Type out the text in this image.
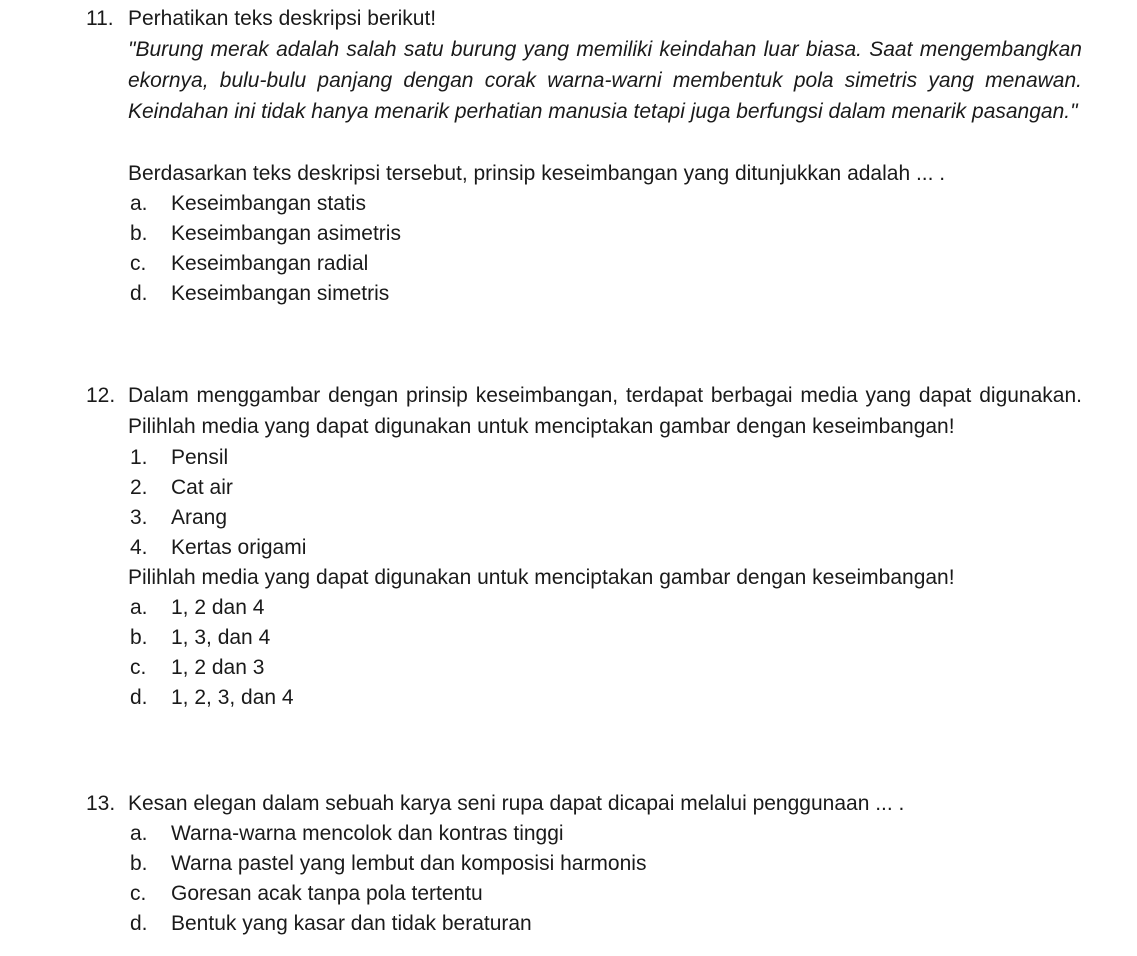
11. Perhatikan teks deskripsi berikut!
"Burung merak adalah salah satu burung yang memiliki keindahan luar biasa. Saat mengembangkan ekornya, bulu-bulu panjang dengan corak warna-warni membentuk pola simetris yang menawan. Keindahan ini tidak hanya menarik perhatian manusia tetapi juga berfungsi dalam menarik pasangan."
Berdasarkan teks deskripsi tersebut, prinsip keseimbangan yang ditunjukkan adalah ... .
a. Keseimbangan statis
b. Keseimbangan asimetris
c. Keseimbangan radial
d. Keseimbangan simetris
12. Dalam menggambar dengan prinsip keseimbangan, terdapat berbagai media yang dapat digunakan. Pilihlah media yang dapat digunakan untuk menciptakan gambar dengan keseimbangan!
1. Pensil
2. Cat air
3. Arang
4. Kertas origami
Pilihlah media yang dapat digunakan untuk menciptakan gambar dengan keseimbangan!
a. 1, 2 dan 4
b. 1, 3, dan 4
c. 1, 2 dan 3
d. 1, 2, 3, dan 4
13. Kesan elegan dalam sebuah karya seni rupa dapat dicapai melalui penggunaan ... .
a. Warna-warna mencolok dan kontras tinggi
b. Warna pastel yang lembut dan komposisi harmonis
c. Goresan acak tanpa pola tertentu
d. Bentuk yang kasar dan tidak beraturan
